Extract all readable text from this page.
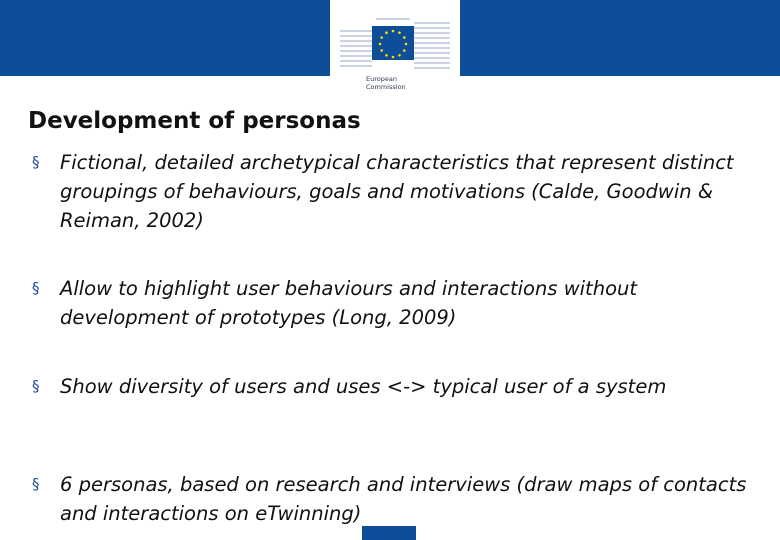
European
Commission
Development of personas
§ Fictional, detailed archetypical characteristics that represent distinct groupings of behaviours, goals and motivations (Calde, Goodwin & Reiman, 2002)
§ Allow to highlight user behaviours and interactions without development of prototypes (Long, 2009)
§ Show diversity of users and uses <-> typical user of a system
§ 6 personas, based on research and interviews (draw maps of contacts and interactions on eTwinning)
